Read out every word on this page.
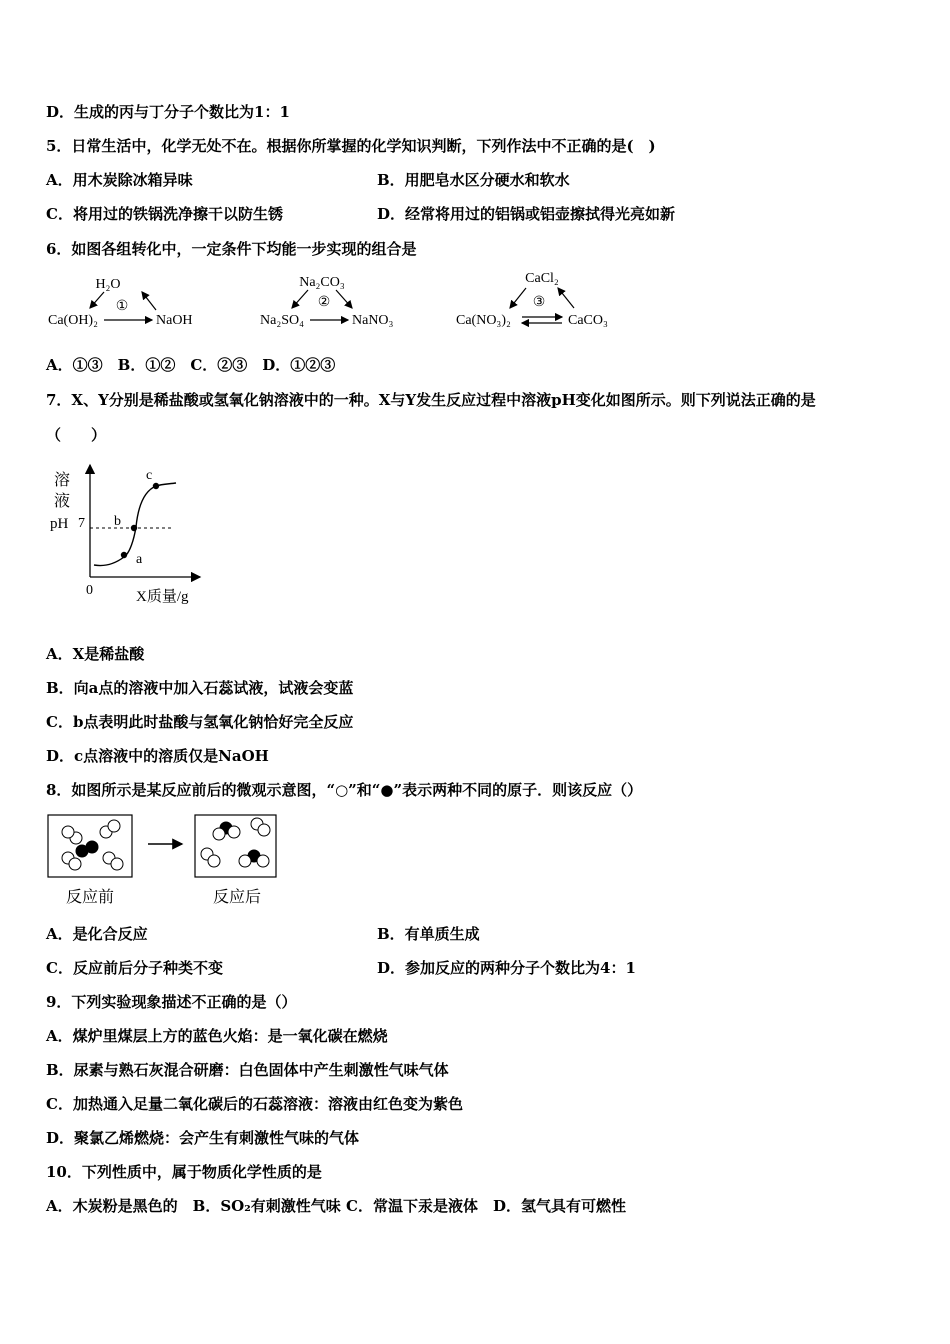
D．生成的丙与丁分子个数比为1：1
5．日常生活中，化学无处不在。根据你所掌握的化学知识判断，下列作法中不正确的是(　)
A．用木炭除冰箱异味	B．用肥皂水区分硬水和软水
C．将用过的铁锅洗净擦干以防生锈	D．经常将用过的铝锅或铝壶擦拭得光亮如新
6．如图各组转化中，一定条件下均能一步实现的组合是
H₂O
①
Ca(OH)₂	NaOH
Na₂CO₃
②
Na₂SO₄	NaNO₃
CaCl₂
③
Ca(NO₃)₂	CaCO₃
A．①③　B．①②　C．②③　D．①②③
7．X、Y分别是稀盐酸或氢氧化钠溶液中的一种。X与Y发生反应过程中溶液pH变化如图所示。则下列说法正确的是
（　　）
溶
液
pH 7
0	X质量/g
a
b
c
A．X是稀盐酸
B．向a点的溶液中加入石蕊试液，试液会变蓝
C．b点表明此时盐酸与氢氧化钠恰好完全反应
D．c点溶液中的溶质仅是NaOH
8．如图所示是某反应前后的微观示意图，“○”和“●”表示两种不同的原子．则该反应（）
反应前	反应后
A．是化合反应	B．有单质生成
C．反应前后分子种类不变	D．参加反应的两种分子个数比为4：1
9．下列实验现象描述不正确的是（）
A．煤炉里煤层上方的蓝色火焰：是一氧化碳在燃烧
B．尿素与熟石灰混合研磨：白色固体中产生刺激性气味气体
C．加热通入足量二氧化碳后的石蕊溶液：溶液由红色变为紫色
D．聚氯乙烯燃烧：会产生有刺激性气味的气体
10．下列性质中，属于物质化学性质的是
A．木炭粉是黑色的　B．SO₂有刺激性气味 C．常温下汞是液体　D．氢气具有可燃性
